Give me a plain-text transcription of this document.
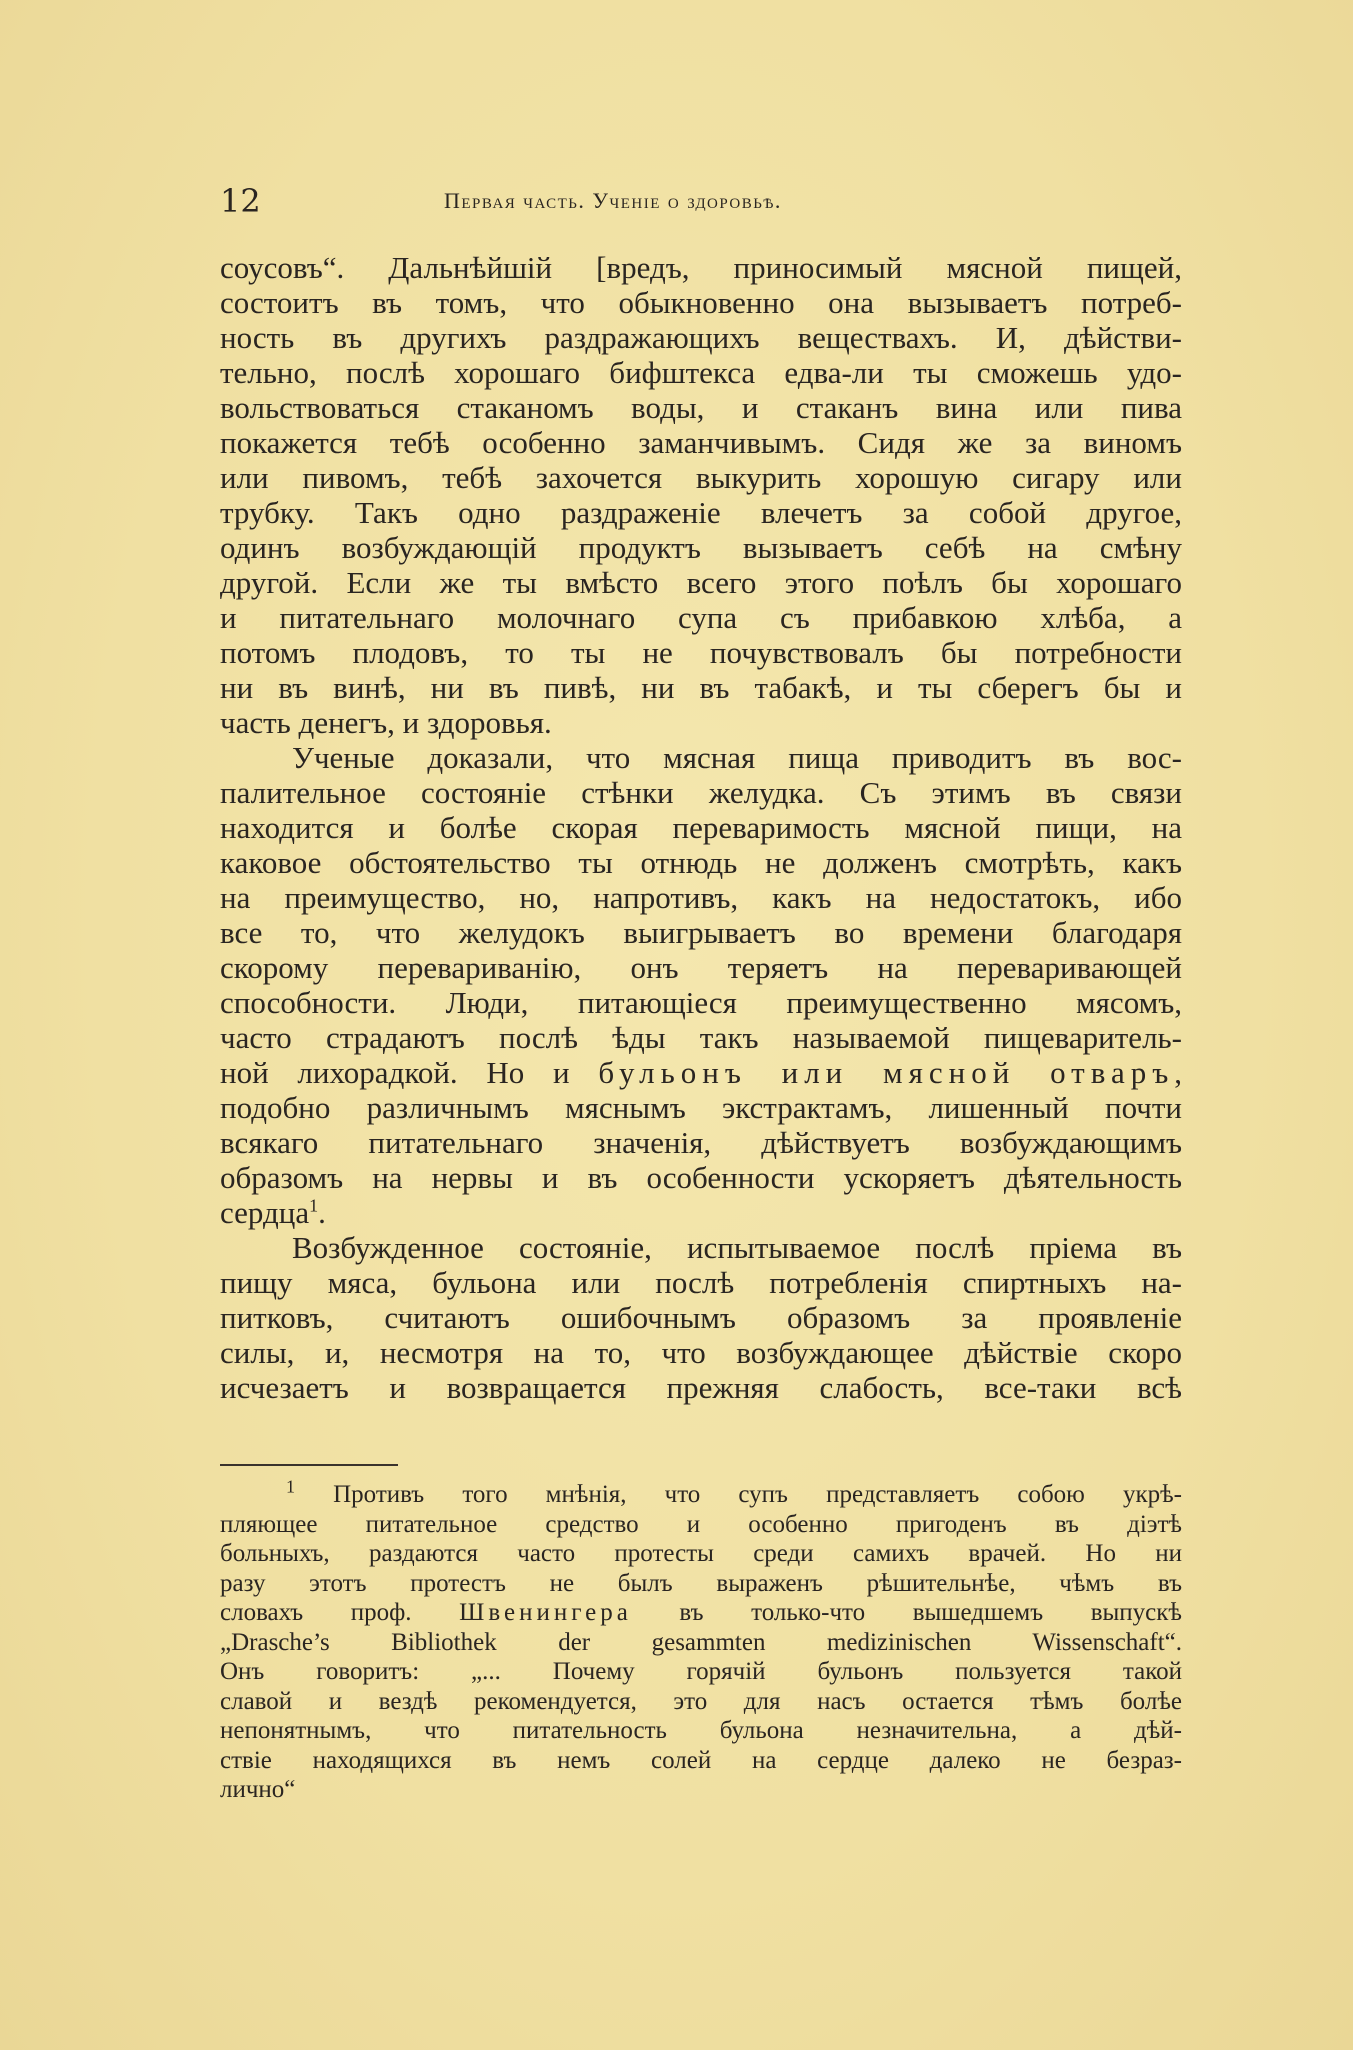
12	Первая часть. Ученіе о здоровьѣ.
соусовъ“. Дальнѣйшій [вредъ, приносимый мясной пищей,
состоитъ въ томъ, что обыкновенно она вызываетъ потреб-
ность въ другихъ раздражающихъ веществахъ. И, дѣйстви-
тельно, послѣ хорошаго бифштекса едва-ли ты сможешь удо-
вольствоваться стаканомъ воды, и стаканъ вина или пива
покажется тебѣ особенно заманчивымъ. Сидя же за виномъ
или пивомъ, тебѣ захочется выкурить хорошую сигару или
трубку. Такъ одно раздраженіе влечетъ за собой другое,
одинъ возбуждающій продуктъ вызываетъ себѣ на смѣну
другой. Если же ты вмѣсто всего этого поѣлъ бы хорошаго
и питательнаго молочнаго супа съ прибавкою хлѣба, а
потомъ плодовъ, то ты не почувствовалъ бы потребности
ни въ винѣ, ни въ пивѣ, ни въ табакѣ, и ты сберегъ бы и
часть денегъ, и здоровья.
Ученые доказали, что мясная пища приводитъ въ вос-
палительное состояніе стѣнки желудка. Съ этимъ въ связи
находится и болѣе скорая переваримость мясной пищи, на
каковое обстоятельство ты отнюдь не долженъ смотрѣть, какъ
на преимущество, но, напротивъ, какъ на недостатокъ, ибо
все то, что желудокъ выигрываетъ во времени благодаря
скорому перевариванію, онъ теряетъ на переваривающей
способности. Люди, питающіеся преимущественно мясомъ,
часто страдаютъ послѣ ѣды такъ называемой пищеваритель-
ной лихорадкой. Но и бульонъ или мясной отваръ,
подобно различнымъ мяснымъ экстрактамъ, лишенный почти
всякаго питательнаго значенія, дѣйствуетъ возбуждающимъ
образомъ на нервы и въ особенности ускоряетъ дѣятельность
сердца$^1$.
Возбужденное состояніе, испытываемое послѣ пріема въ
пищу мяса, бульона или послѣ потребленія спиртныхъ на-
питковъ, считаютъ ошибочнымъ образомъ за проявленіе
силы, и, несмотря на то, что возбуждающее дѣйствіе скоро
исчезаетъ и возвращается прежняя слабость, все-таки всѣ
$^1$ Противъ того мнѣнія, что супъ представляетъ собою укрѣ-
пляющее питательное средство и особенно пригоденъ въ діэтѣ
больныхъ, раздаются часто протесты среди самихъ врачей. Но ни
разу этотъ протестъ не былъ выраженъ рѣшительнѣе, чѣмъ въ
словахъ проф. Швенингера въ только-что вышедшемъ выпускѣ
„Drasche’s Bibliothek der gesammten medizinischen Wissenschaft“.
Онъ говоритъ: „... Почему горячій бульонъ пользуется такой
славой и вездѣ рекомендуется, это для насъ остается тѣмъ болѣе
непонятнымъ, что питательность бульона незначительна, а дѣй-
ствіе находящихся въ немъ солей на сердце далеко не безраз-
лично“
